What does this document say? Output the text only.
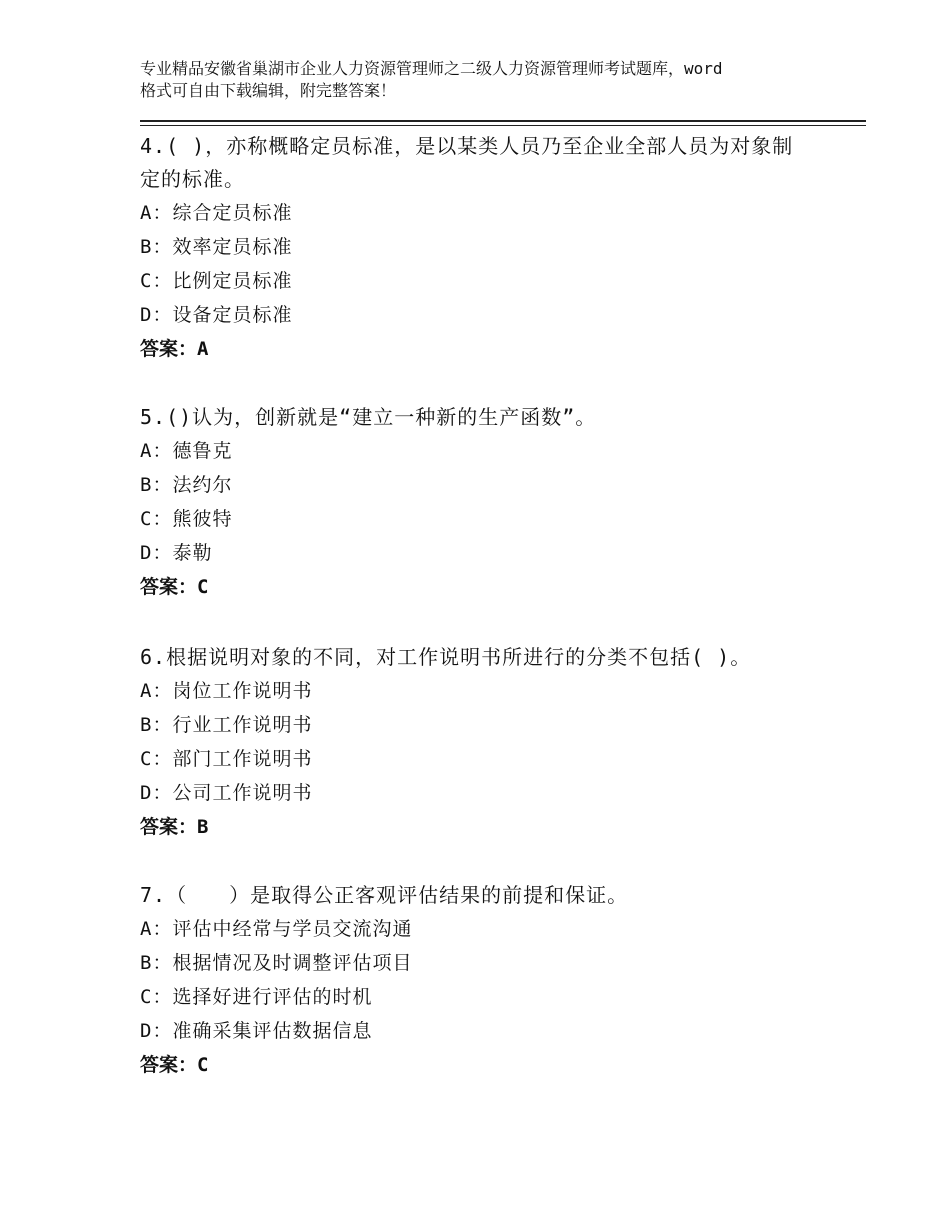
专业精品安徽省巢湖市企业人力资源管理师之二级人力资源管理师考试题库，word
格式可自由下载编辑，附完整答案！
4.( )，亦称概略定员标准，是以某类人员乃至企业全部人员为对象制
定的标准。
A：综合定员标准
B：效率定员标准
C：比例定员标准
D：设备定员标准
答案：A
5.()认为，创新就是“建立一种新的生产函数”。
A：德鲁克
B：法约尔
C：熊彼特
D：泰勒
答案：C
6.根据说明对象的不同，对工作说明书所进行的分类不包括( )。
A：岗位工作说明书
B：行业工作说明书
C：部门工作说明书
D：公司工作说明书
答案：B
7.（　　）是取得公正客观评估结果的前提和保证。
A：评估中经常与学员交流沟通
B：根据情况及时调整评估项目
C：选择好进行评估的时机
D：准确采集评估数据信息
答案：C
